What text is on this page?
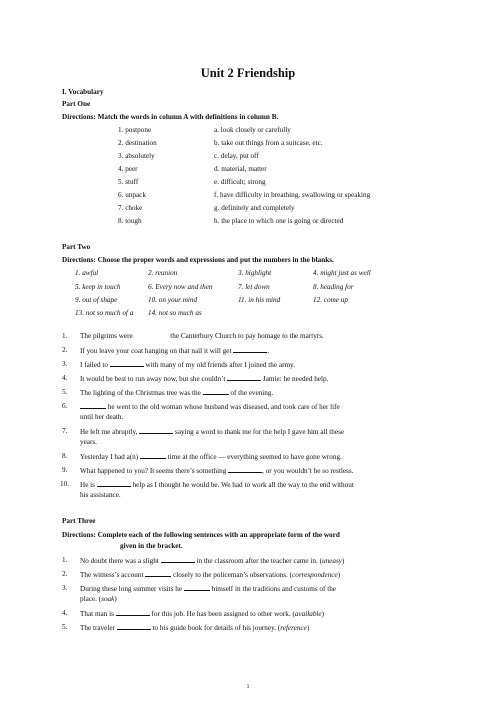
Unit 2 Friendship
I. Vocabulary
Part One
Directions: Match the words in column A with definitions in column B.
1. postpone	a. look closely or carefully
2. destination	b. take out things from a suitcase, etc.
3. absolutely	c. delay, put off
4. peer	d. material, matter
5. stuff	e. difficult; strong
6. unpack	f. have difficulty in breathing, swallowing or speaking
7. choke	g. definitely and completely
8. tough	h. the place to which one is going or directed
Part Two
Directions: Choose the proper words and expressions and put the numbers in the blanks.
1. awful	2. reunion	3. highlight	4. might just as well
5. keep in touch	6. Every now and then	7. let down	8. heading for
9. out of shape	10. on your mind	11. in his mind	12. come up
13. not so much of a 14. not so much as
1. The pilgrims were	the Canterbury Church to pay homage to the martyrs.
2. If you leave your coat hanging on that nail it will get	.
3. I failed to	with many of my old friends after I joined the army.
4. It would be best to run away now, but she couldn’t	Jamie: he needed help.
5. The lighting of the Christmas tree was the	of the evening.
6.	he went to the old woman whose husband was diseased, and took care of her life
until her death.
7. He left me abruptly,	saying a word to thank me for the help I gave him all these
years.
8. Yesterday I had a(n)	time at the office — everything seemed to have gone wrong.
9. What happened to you? It seems there’s something	, or you wouldn’t be so restless.
10. He is	help as I thought he would be. We had to work all the way to the end without
his assistance.
Part Three
Directions: Complete each of the following sentences with an appropriate form of the word
given in the bracket.
1. No doubt there was a slight	in the classroom after the teacher came in. (uneasy)
2. The witness’s account	closely to the policeman’s observations. (correspondence)
3. During these long summer visits he	himself in the traditions and customs of the
place. (soak)
4. That man is	for this job. He has been assigned to other work. (available)
5. The traveler	to his guide book for details of his journey. (reference)
1
